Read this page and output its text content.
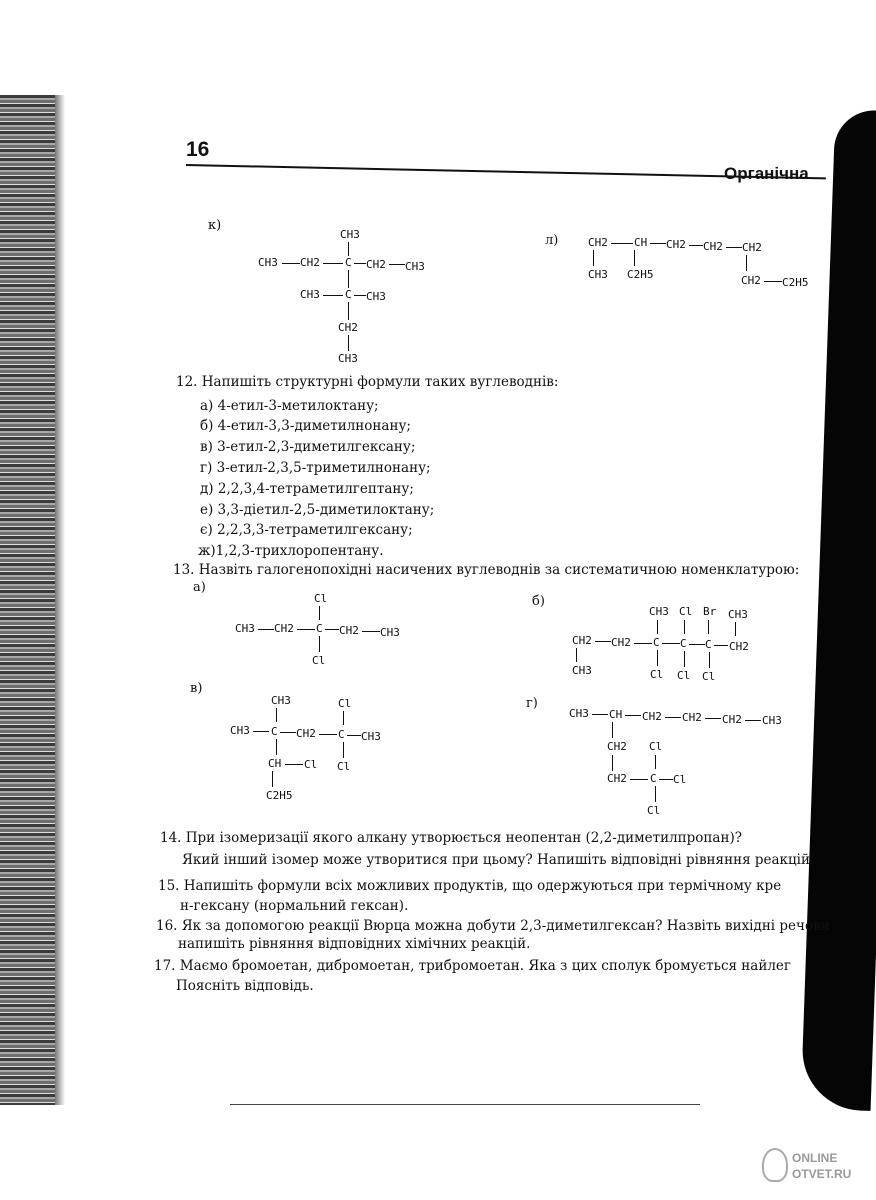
16
Органічна
к)
CH3
CH3 CH2 C CH2 CH3
CH3 C CH3
CH2
CH3
л)	CH2 CH CH2 CH2 CH2
CH3 C2H5	CH2 C2H5
12. Напишіть структурні формули таких вуглеводнів:
а) 4-етил-3-метилоктану;
б) 4-етил-3,3-диметилнонану;
в) 3-етил-2,3-диметилгексану;
г) 3-етил-2,3,5-триметилнонану;
д) 2,2,3,4-тетраметилгептану;
е) 3,3-діетил-2,5-диметилоктану;
є) 2,2,3,3-тетраметилгексану;
ж)1,2,3-трихлоропентану.
13. Назвіть галогенопохідні насичених вуглеводнів за систематичною номенклатурою:
а)
Cl
CH3 CH2 C CH2 CH3
Cl
б)
CH3 Cl Br CH3
CH2 CH2 C C C CH2
CH3	Cl Cl Cl
в)
CH3	Cl
CH3 C CH2 C CH3
CH Cl Cl
C2H5
г)
CH3 CH CH2 CH2 CH2 CH3
CH2 Cl
CH2 C Cl
Cl
14. При ізомеризації якого алкану утворюється неопентан (2,2-диметилпропан)?
Який інший ізомер може утворитися при цьому? Напишіть відповідні рівняння реакцій.
15. Напишіть формули всіх можливих продуктів, що одержуються при термічному кре
н-гексану (нормальний гексан).
16. Як за допомогою реакції Вюрца можна добути 2,3-диметилгексан? Назвіть вихідні речови
напишіть рівняння відповідних хімічних реакцій.
17. Маємо бромоетан, дибромоетан, трибромоетан. Яка з цих сполук бромується найлег
Поясніть відповідь.
ONLINE
OTVET.RU
